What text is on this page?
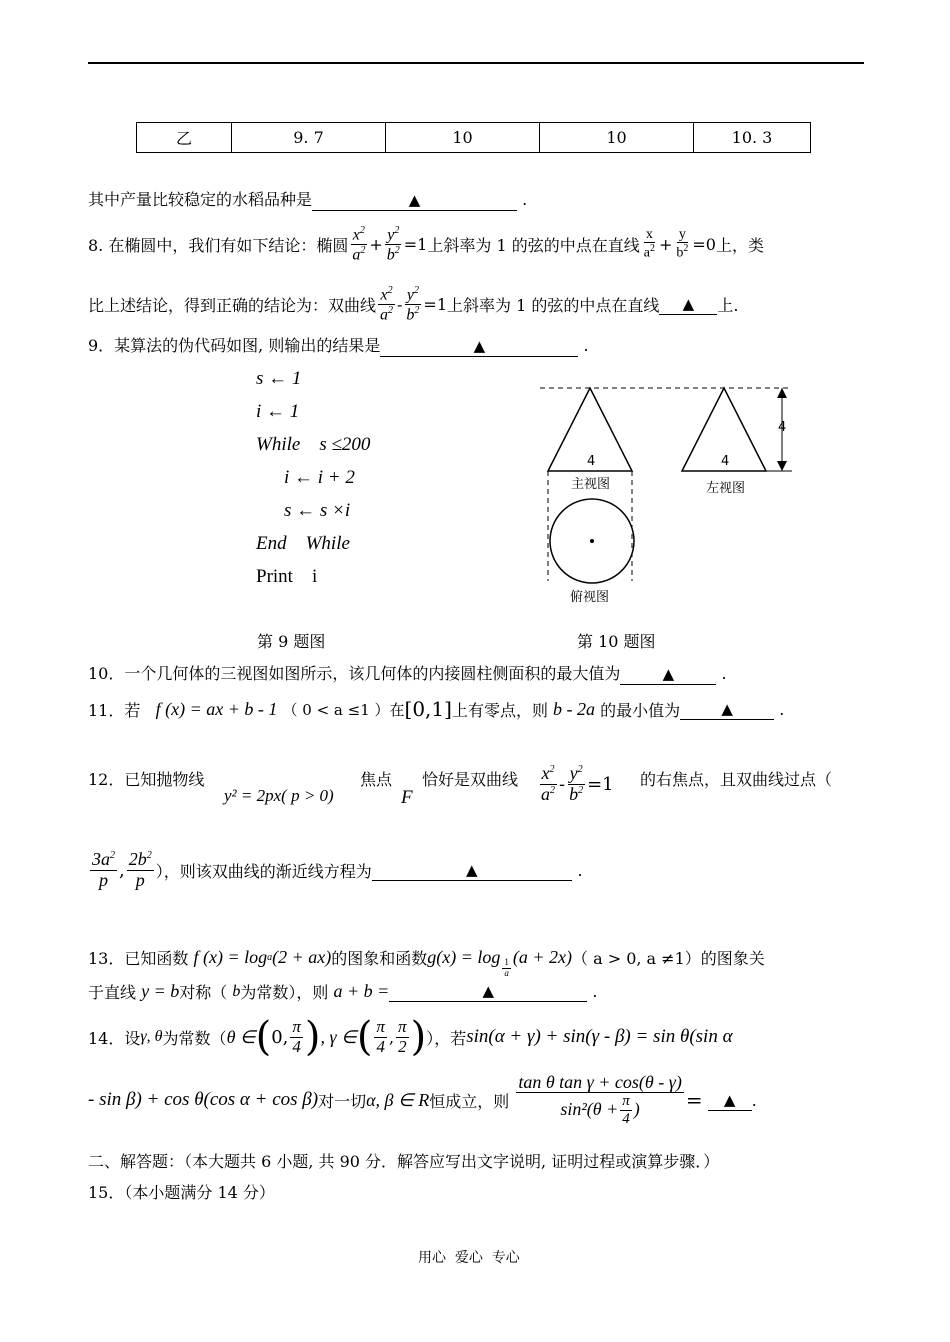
乙	9. 7	10	10	10. 3
其中产量比较稳定的水稻品种是	▲	.
8. 在椭圆中，我们有如下结论：椭圆 $\frac{x^2}{a^2} + \frac{y^2}{b^2} =1$ 上斜率为 1 的弦的中点在直线 $\frac{x}{a^2} + \frac{y}{b^2} =0$ 上，类
比上述结论，得到正确的结论为：双曲线 $\frac{x^2}{a^2} - \frac{y^2}{b^2} =1$ 上斜率为 1 的弦的中点在直线	▲	上.
9．某算法的伪代码如图, 则输出的结果是	▲	.
s ← 1
i ← 1
While    s ≤200
i ← i + 2
s ← s ×i
End    While
Print    i
4	4
4
主视图	左视图
俯视图
第 9 题图	第 10 题图
10．一个几何体的三视图如图所示，该几何体的内接圆柱侧面积的最大值为	▲	.
11．若
f (x) = ax + b - 1
（ 0 < a ≤1 ）在 [0,1] 上有零点，则
b - 2a
的最小值为	▲
	.
12．已知抛物线
y² = 2px( p > 0)
焦点
F
恰好是双曲线 $\frac{x^2}{a^2} - \frac{y^2}{b^2} =1$ 的右焦点，且双曲线过点（
$\frac{3a^2}{p}$ , $\frac{2b^2}{p}$ ），则该双曲线的渐近线方程为	▲
	.
13．已知函数
f (x) = log a (2 + ax) 的图象和函数 g(x) = log
$\frac{1}{a}$
(a + 2x) （ a > 0, a ≠1）的图象关
于直线
y = b 对称（
b 为常数），则
a + b =	▲
	.
14．设 γ, θ 为常数（ θ ∈ ( 0, $\frac{\pi}{4}$ ) , γ ∈ ( $\frac{\pi}{4}$ , $\frac{\pi}{2}$ ) ），若 sin(α + γ) + sin(γ - β) = sin θ(sin α
- sin β) + cos θ(cos α + cos β) 对一切 α, β ∈ R 恒成立，则
$\frac{\text{tan θ tan γ + cos(θ - γ)}}{\sin^2(\theta + \frac{\pi}{4} )}$ =
	▲	.
二、解答题：（本大题共 6 小题, 共 90 分．解答应写出文字说明, 证明过程或演算步骤．）
15．（本小题满分 14 分）
用心  爱心  专心
